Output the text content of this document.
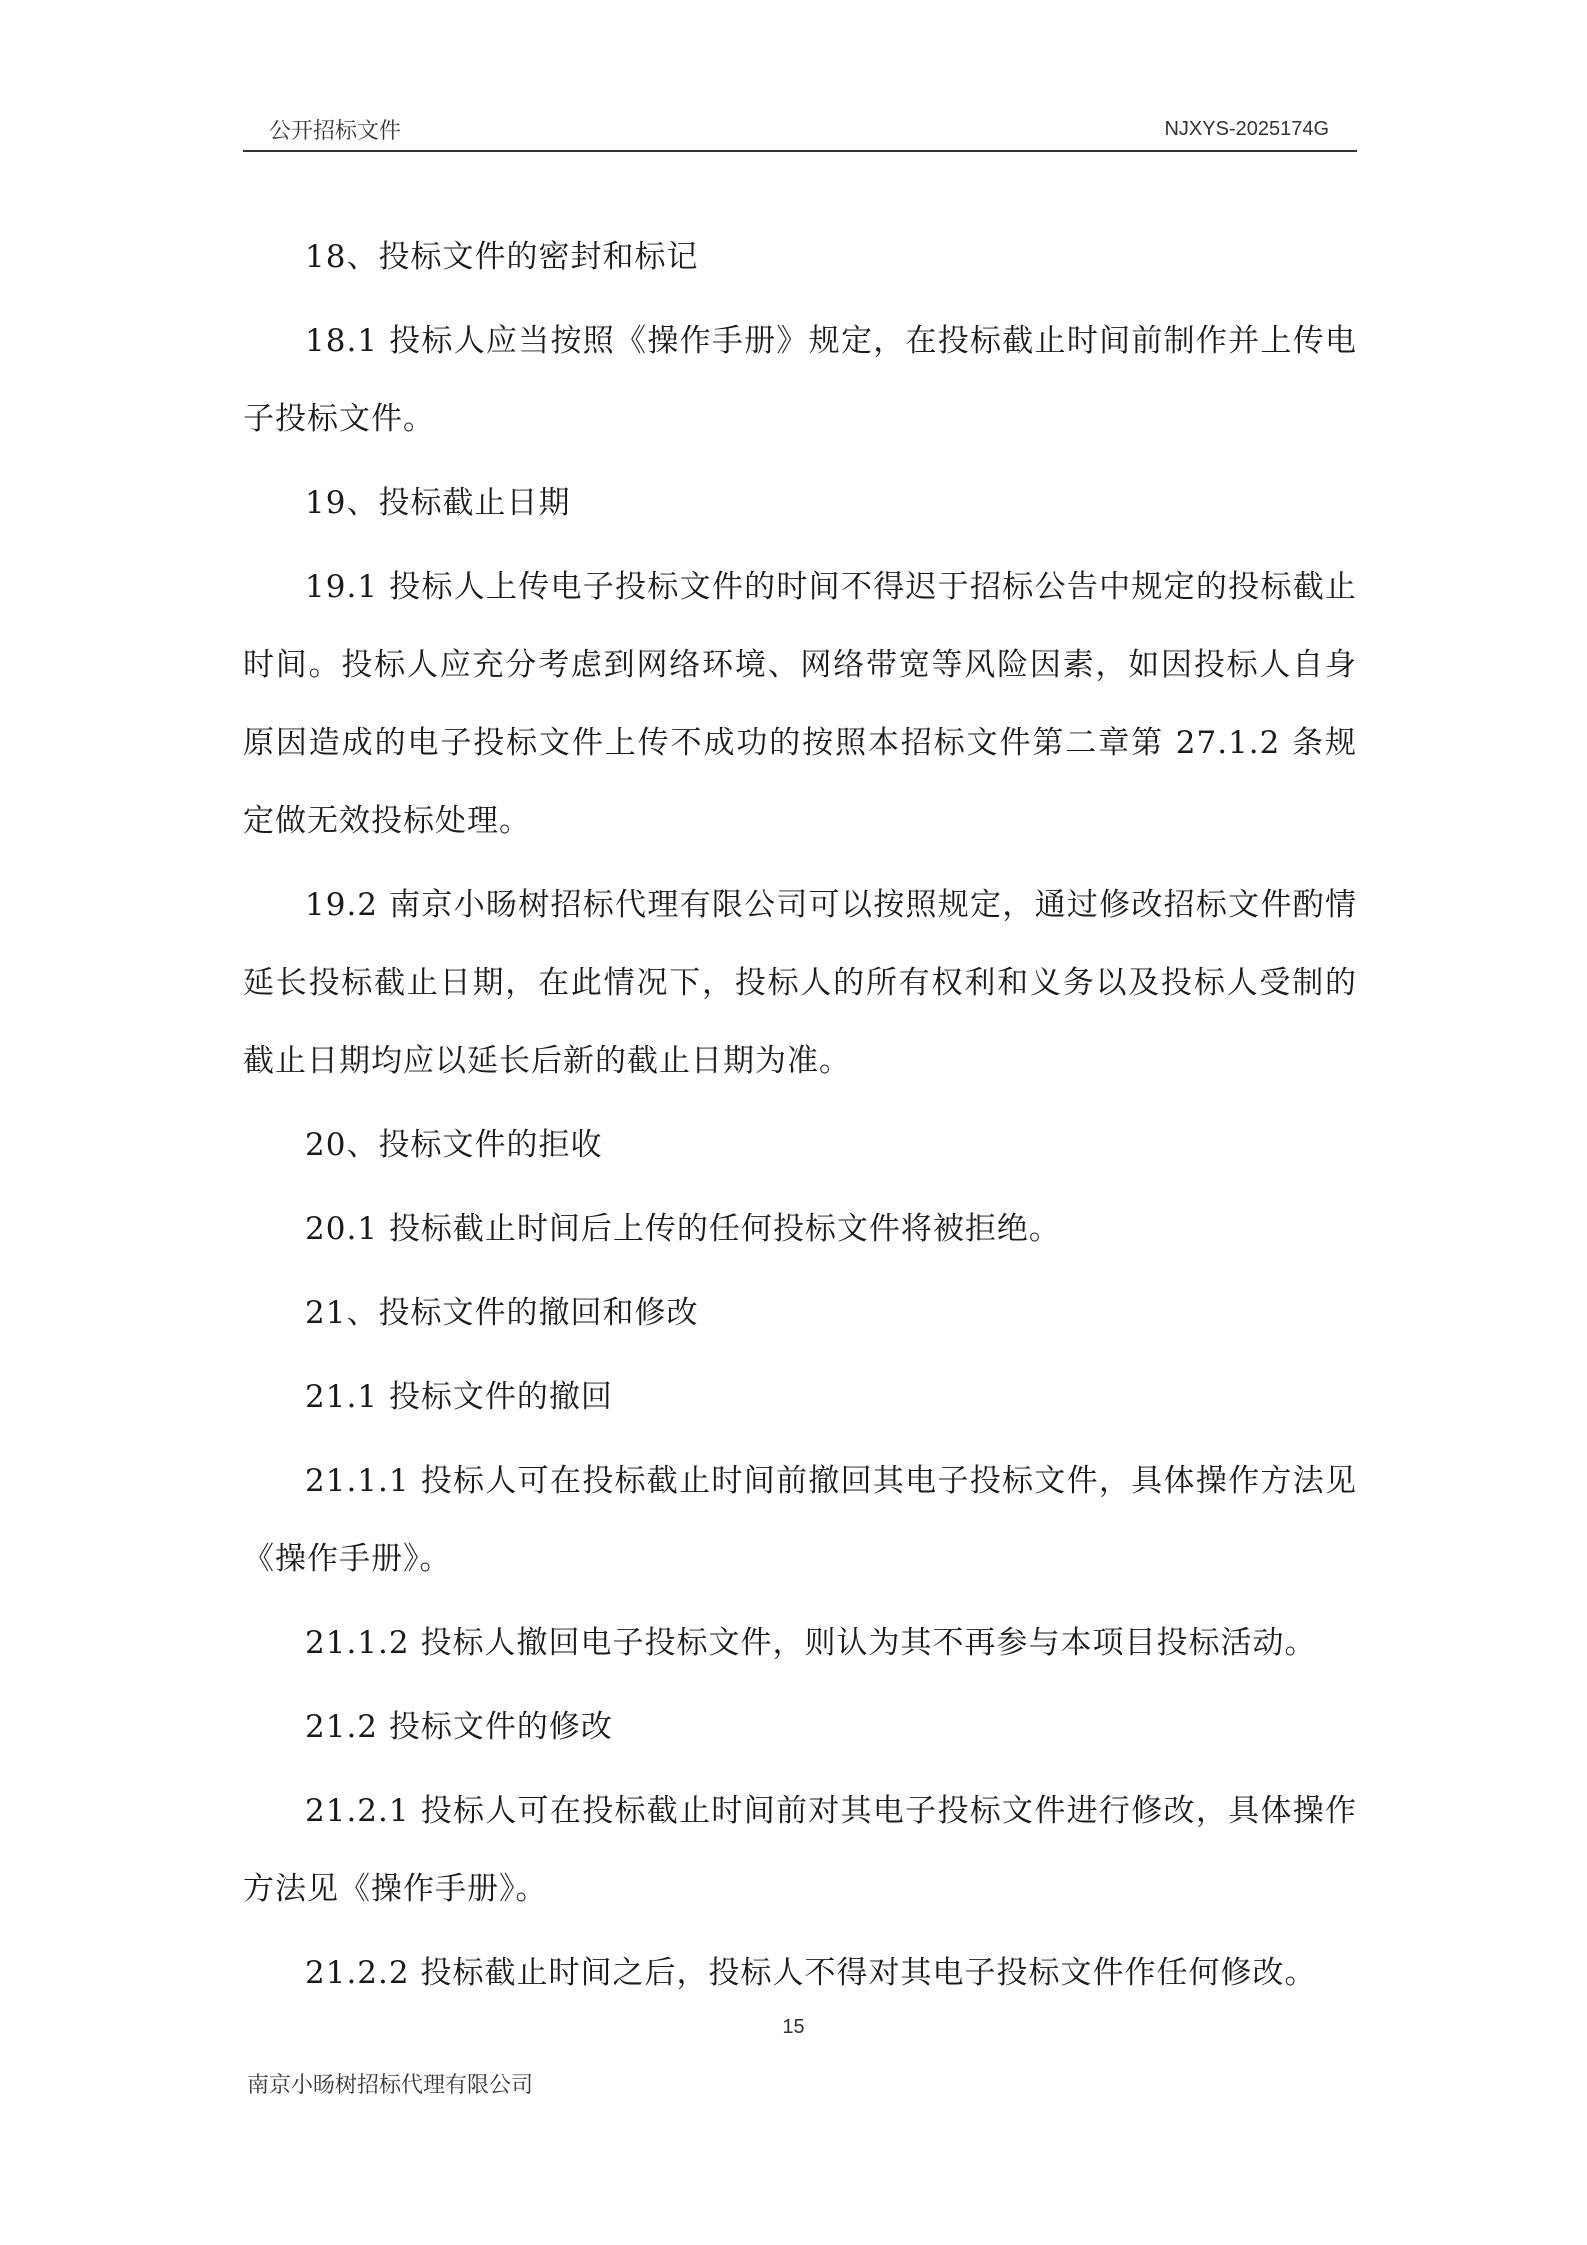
公开招标文件	NJXYS-2025174G

18、投标文件的密封和标记

18.1 投标人应当按照《操作手册》规定，在投标截止时间前制作并上传电子投标文件。

19、投标截止日期

19.1 投标人上传电子投标文件的时间不得迟于招标公告中规定的投标截止时间。投标人应充分考虑到网络环境、网络带宽等风险因素，如因投标人自身原因造成的电子投标文件上传不成功的按照本招标文件第二章第 27.1.2 条规定做无效投标处理。

19.2 南京小旸树招标代理有限公司可以按照规定，通过修改招标文件酌情延长投标截止日期，在此情况下，投标人的所有权利和义务以及投标人受制的截止日期均应以延长后新的截止日期为准。

20、投标文件的拒收

20.1 投标截止时间后上传的任何投标文件将被拒绝。

21、投标文件的撤回和修改

21.1 投标文件的撤回

21.1.1 投标人可在投标截止时间前撤回其电子投标文件，具体操作方法见《操作手册》。

21.1.2 投标人撤回电子投标文件，则认为其不再参与本项目投标活动。

21.2 投标文件的修改

21.2.1 投标人可在投标截止时间前对其电子投标文件进行修改，具体操作方法见《操作手册》。

21.2.2 投标截止时间之后，投标人不得对其电子投标文件作任何修改。

15
南京小旸树招标代理有限公司
